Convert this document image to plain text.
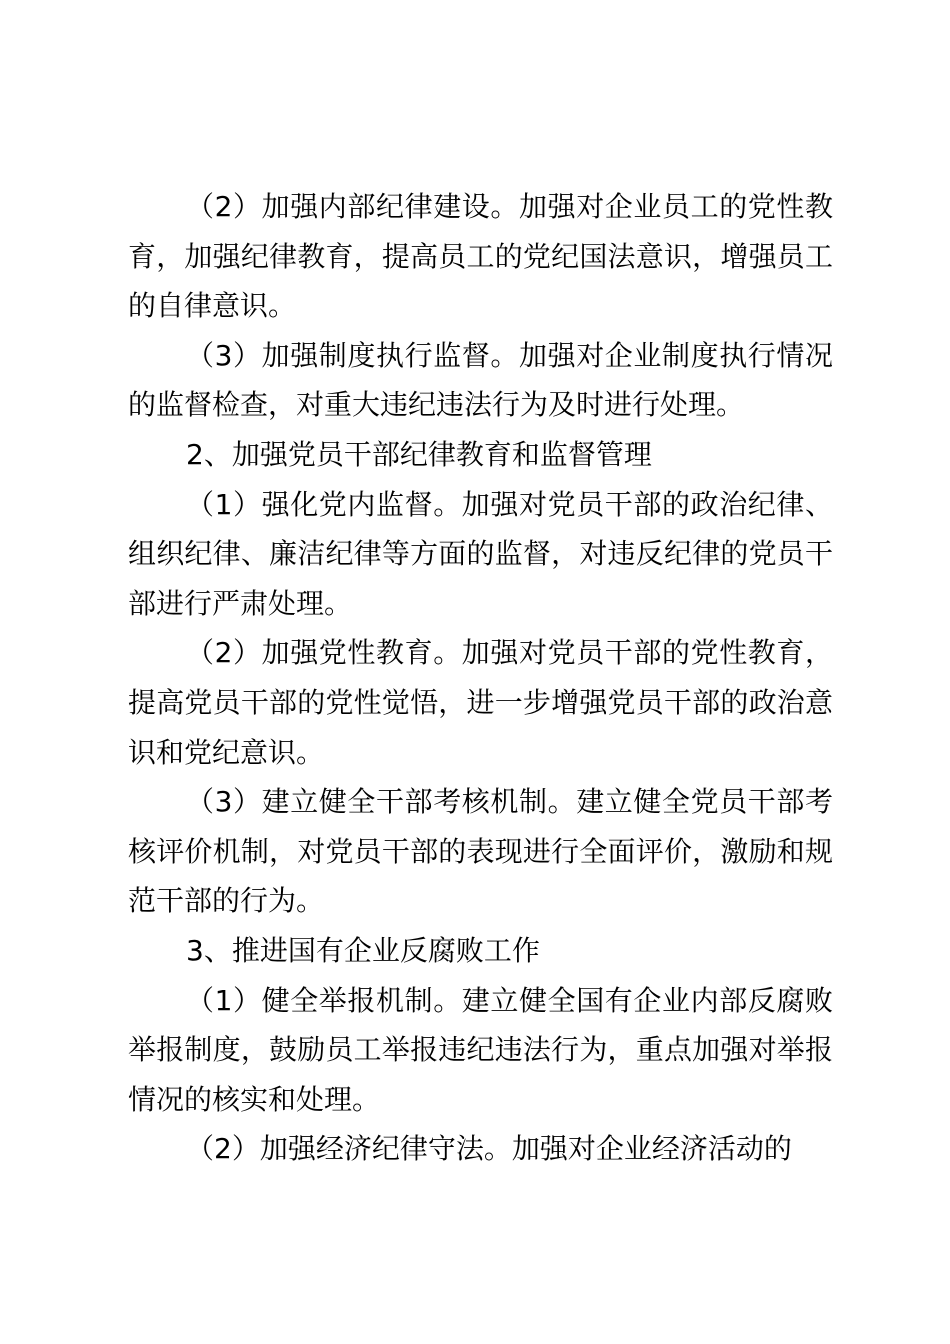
（2）加强内部纪律建设。加强对企业员工的党性教育，加强纪律教育，提高员工的党纪国法意识，增强员工的自律意识。

（3）加强制度执行监督。加强对企业制度执行情况的监督检查，对重大违纪违法行为及时进行处理。

2、加强党员干部纪律教育和监督管理

（1）强化党内监督。加强对党员干部的政治纪律、组织纪律、廉洁纪律等方面的监督，对违反纪律的党员干部进行严肃处理。

（2）加强党性教育。加强对党员干部的党性教育，提高党员干部的党性觉悟，进一步增强党员干部的政治意识和党纪意识。

（3）建立健全干部考核机制。建立健全党员干部考核评价机制，对党员干部的表现进行全面评价，激励和规范干部的行为。

3、推进国有企业反腐败工作

（1）健全举报机制。建立健全国有企业内部反腐败举报制度，鼓励员工举报违纪违法行为，重点加强对举报情况的核实和处理。

（2）加强经济纪律守法。加强对企业经济活动的
